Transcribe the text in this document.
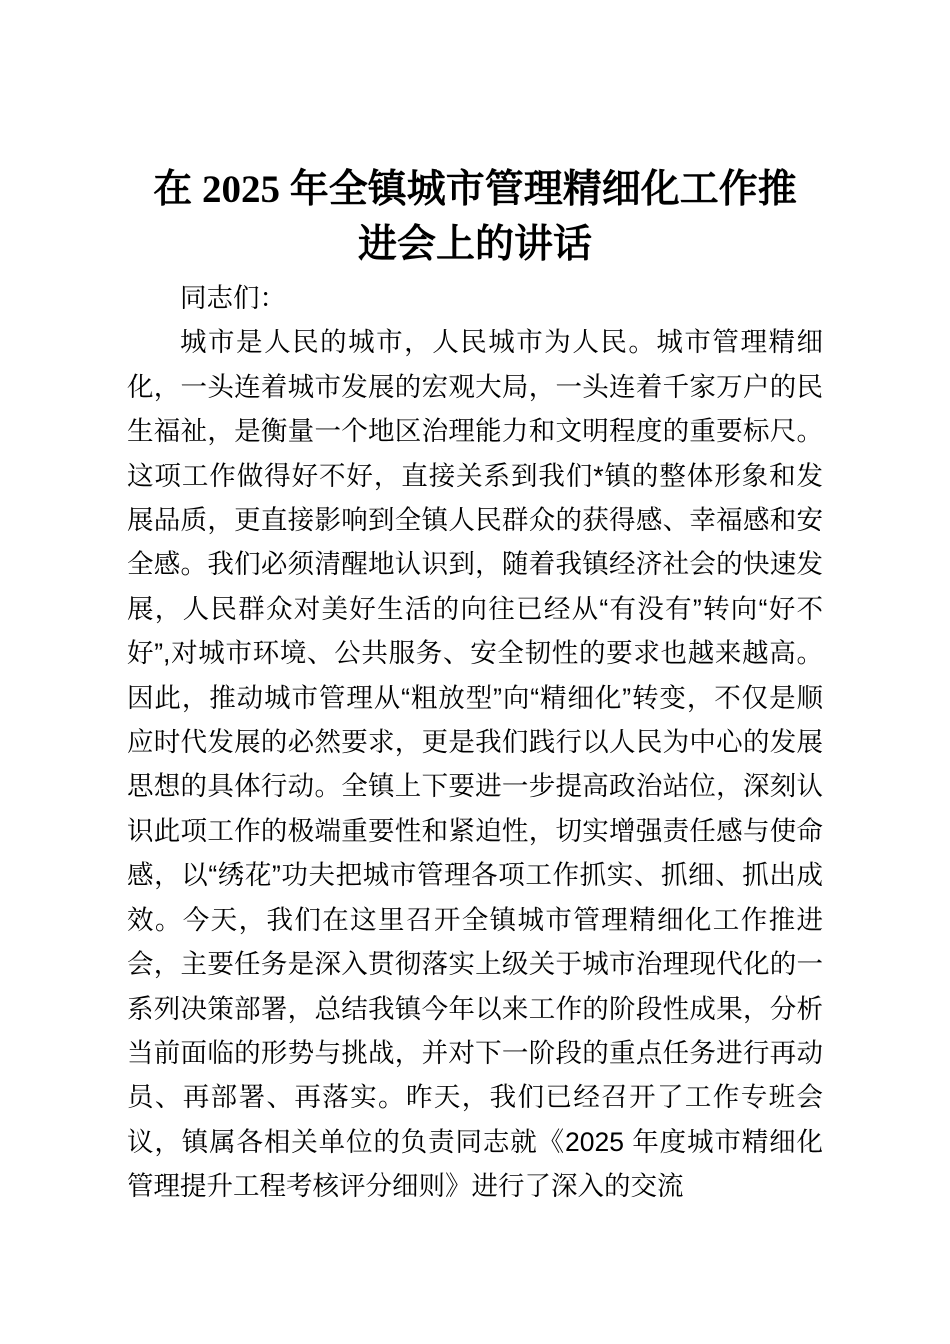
在 2025 年全镇城市管理精细化工作推
进会上的讲话

同志们：

城市是人民的城市，人民城市为人民。城市管理精细化，一头连着城市发展的宏观大局，一头连着千家万户的民生福祉，是衡量一个地区治理能力和文明程度的重要标尺。这项工作做得好不好，直接关系到我们*镇的整体形象和发展品质，更直接影响到全镇人民群众的获得感、幸福感和安全感。我们必须清醒地认识到，随着我镇经济社会的快速发展，人民群众对美好生活的向往已经从“有没有”转向“好不好”,对城市环境、公共服务、安全韧性的要求也越来越高。因此，推动城市管理从“粗放型”向“精细化”转变，不仅是顺应时代发展的必然要求，更是我们践行以人民为中心的发展思想的具体行动。全镇上下要进一步提高政治站位，深刻认识此项工作的极端重要性和紧迫性，切实增强责任感与使命感，以“绣花”功夫把城市管理各项工作抓实、抓细、抓出成效。今天，我们在这里召开全镇城市管理精细化工作推进会，主要任务是深入贯彻落实上级关于城市治理现代化的一系列决策部署，总结我镇今年以来工作的阶段性成果，分析当前面临的形势与挑战，并对下一阶段的重点任务进行再动员、再部署、再落实。昨天，我们已经召开了工作专班会议，镇属各相关单位的负责同志就《2025 年度城市精细化管理提升工程考核评分细则》进行了深入的交流
